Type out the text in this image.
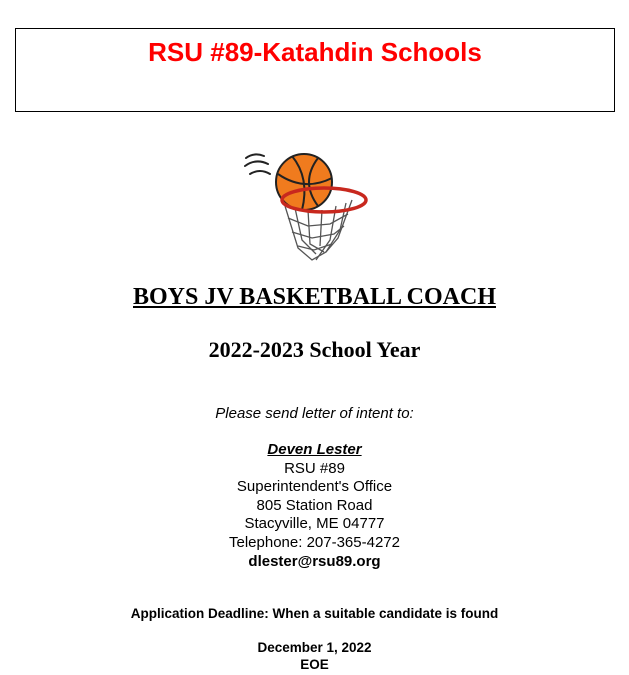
RSU #89-Katahdin Schools
BOYS JV BASKETBALL COACH
2022-2023 School Year
Please send letter of intent to:
Deven Lester
RSU #89
Superintendent's Office
805 Station Road
Stacyville, ME 04777
Telephone: 207-365-4272
dlester@rsu89.org
Application Deadline: When a suitable candidate is found
December 1, 2022
EOE
